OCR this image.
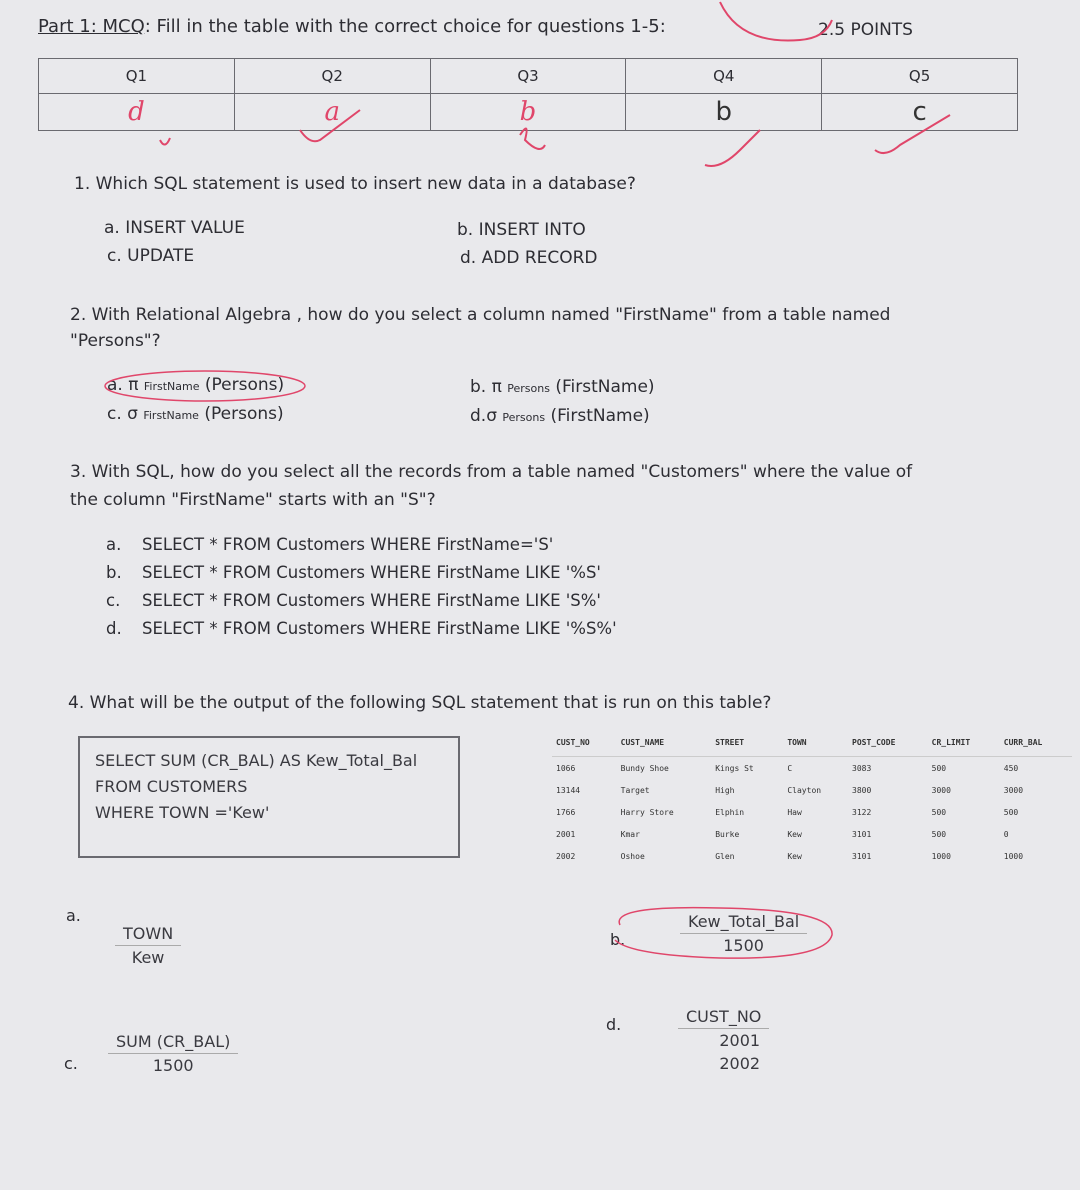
Part 1: MCQ: Fill in the table with the correct choice for questions 1-5:	2.5 POINTS
Q1	Q2	Q3	Q4	Q5
d	a	b	b	c
1. Which SQL statement is used to insert new data in a database?
a. INSERT VALUE	b. INSERT INTO
c. UPDATE	d. ADD RECORD
2. With Relational Algebra , how do you select a column named "FirstName" from a table named
"Persons"?
a. π FirstName (Persons)	b. π Persons (FirstName)
c. σ FirstName (Persons)	d.σ Persons (FirstName)
3. With SQL, how do you select all the records from a table named "Customers" where the value of
the column "FirstName" starts with an "S"?
a. SELECT * FROM Customers WHERE FirstName='S'
b. SELECT * FROM Customers WHERE FirstName LIKE '%S'
c. SELECT * FROM Customers WHERE FirstName LIKE 'S%'
d. SELECT * FROM Customers WHERE FirstName LIKE '%S%'
4. What will be the output of the following SQL statement that is run on this table?
SELECT SUM (CR_BAL) AS Kew_Total_Bal
FROM CUSTOMERS
WHERE TOWN ='Kew'
CUST_NO	CUST_NAME	STREET	TOWN	POST_CODE	CR_LIMIT	CURR_BAL
1066	Bundy Shoe	Kings St	C	3083	500	450
13144	Target	High	Clayton	3800	3000	3000
1766	Harry Store	Elphin	Haw	3122	500	500
2001	Kmar	Burke	Kew	3101	500	0
2002	Oshoe	Glen	Kew	3101	1000	1000
a.
TOWN
Kew
b.
Kew_Total_Bal
1500
c.
SUM (CR_BAL)
1500
d.	CUST_NO
2001
2002
